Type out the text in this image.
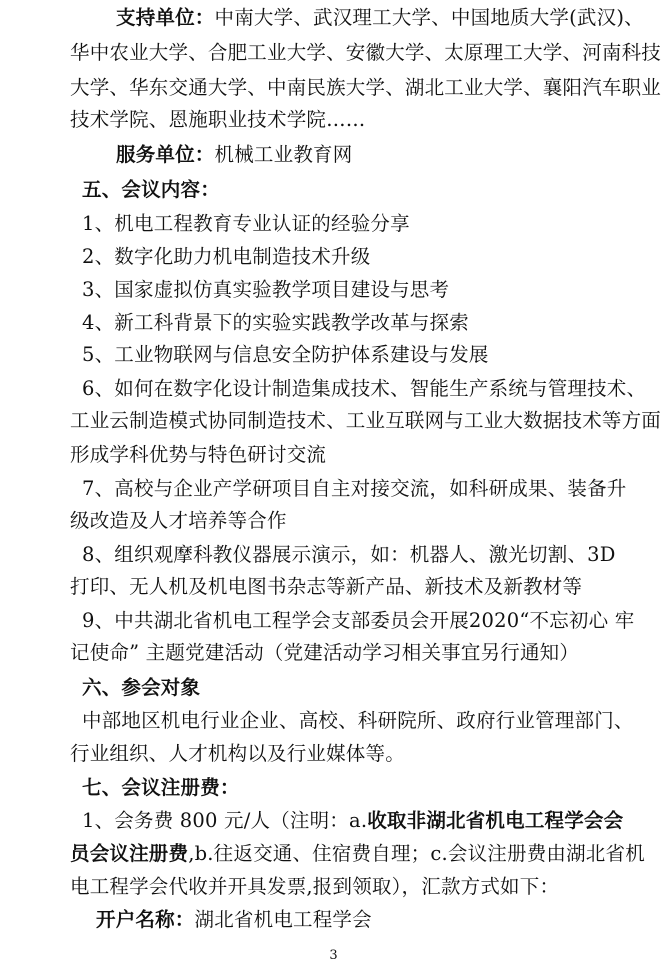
支持单位：中南大学、武汉理工大学、中国地质大学(武汉)、
华中农业大学、合肥工业大学、安徽大学、太原理工大学、河南科技
大学、华东交通大学、中南民族大学、湖北工业大学、襄阳汽车职业
技术学院、恩施职业技术学院……
服务单位：机械工业教育网
五、会议内容：
1、机电工程教育专业认证的经验分享
2、数字化助力机电制造技术升级
3、国家虚拟仿真实验教学项目建设与思考
4、新工科背景下的实验实践教学改革与探索
5、工业物联网与信息安全防护体系建设与发展
6、如何在数字化设计制造集成技术、智能生产系统与管理技术、
工业云制造模式协同制造技术、工业互联网与工业大数据技术等方面
形成学科优势与特色研讨交流
7、高校与企业产学研项目自主对接交流，如科研成果、装备升
级改造及人才培养等合作
8、组织观摩科教仪器展示演示，如：机器人、激光切割、3D
打印、无人机及机电图书杂志等新产品、新技术及新教材等
9、中共湖北省机电工程学会支部委员会开展2020“不忘初心 牢
记使命” 主题党建活动（党建活动学习相关事宜另行通知）
六、参会对象
中部地区机电行业企业、高校、科研院所、政府行业管理部门、
行业组织、人才机构以及行业媒体等。
七、会议注册费：
1、会务费 800 元/人（注明：a.收取非湖北省机电工程学会会
员会议注册费,b.往返交通、住宿费自理；c.会议注册费由湖北省机
电工程学会代收并开具发票,报到领取），汇款方式如下：
开户名称：湖北省机电工程学会
3
